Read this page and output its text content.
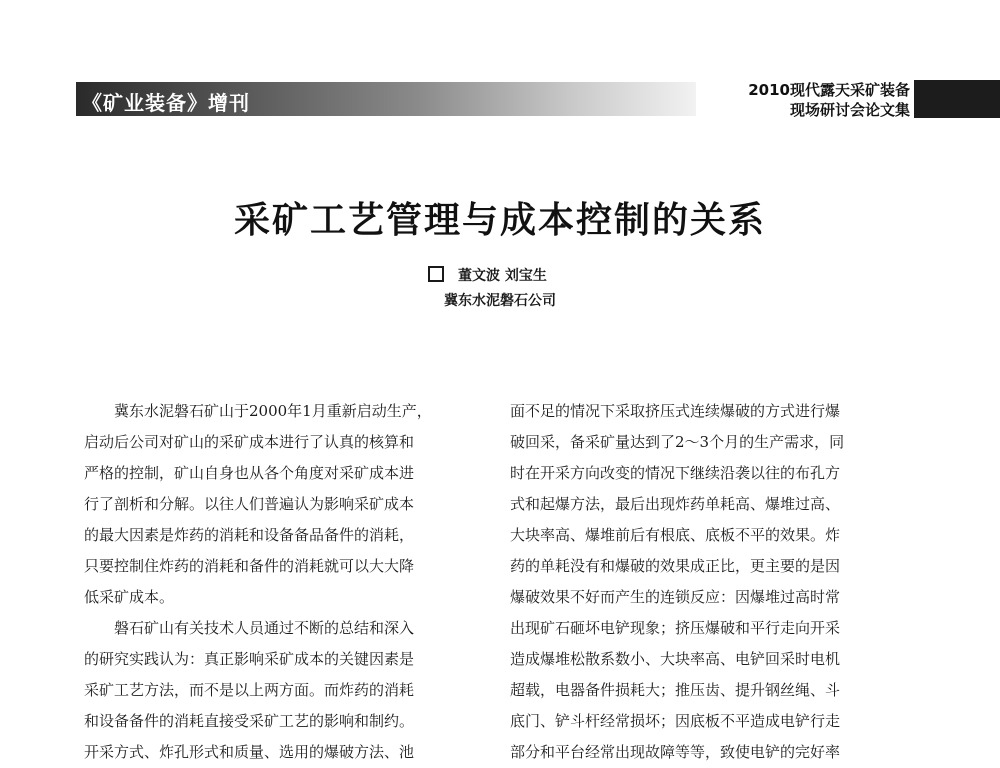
《矿业装备》增刊
2010现代露天采矿装备
现场研讨会论文集
采矿工艺管理与成本控制的关系
董文波 刘宝生
冀东水泥磐石公司
冀东水泥磐石矿山于2000年1月重新启动生产，
启动后公司对矿山的采矿成本进行了认真的核算和
严格的控制，矿山自身也从各个角度对采矿成本进
行了剖析和分解。以往人们普遍认为影响采矿成本
的最大因素是炸药的消耗和设备备品备件的消耗，
只要控制住炸药的消耗和备件的消耗就可以大大降
低采矿成本。
磐石矿山有关技术人员通过不断的总结和深入
的研究实践认为：真正影响采矿成本的关键因素是
采矿工艺方法，而不是以上两方面。而炸药的消耗
和设备备件的消耗直接受采矿工艺的影响和制约。
开采方式、炸孔形式和质量、选用的爆破方法、池
面不足的情况下采取挤压式连续爆破的方式进行爆
破回采，备采矿量达到了2～3个月的生产需求，同
时在开采方向改变的情况下继续沿袭以往的布孔方
式和起爆方法，最后出现炸药单耗高、爆堆过高、
大块率高、爆堆前后有根底、底板不平的效果。炸
药的单耗没有和爆破的效果成正比，更主要的是因
爆破效果不好而产生的连锁反应：因爆堆过高时常
出现矿石砸坏电铲现象；挤压爆破和平行走向开采
造成爆堆松散系数小、大块率高、电铲回采时电机
超载，电器备件损耗大；推压齿、提升钢丝绳、斗
底门、铲斗杆经常损坏；因底板不平造成电铲行走
部分和平台经常出现故障等等，致使电铲的完好率
